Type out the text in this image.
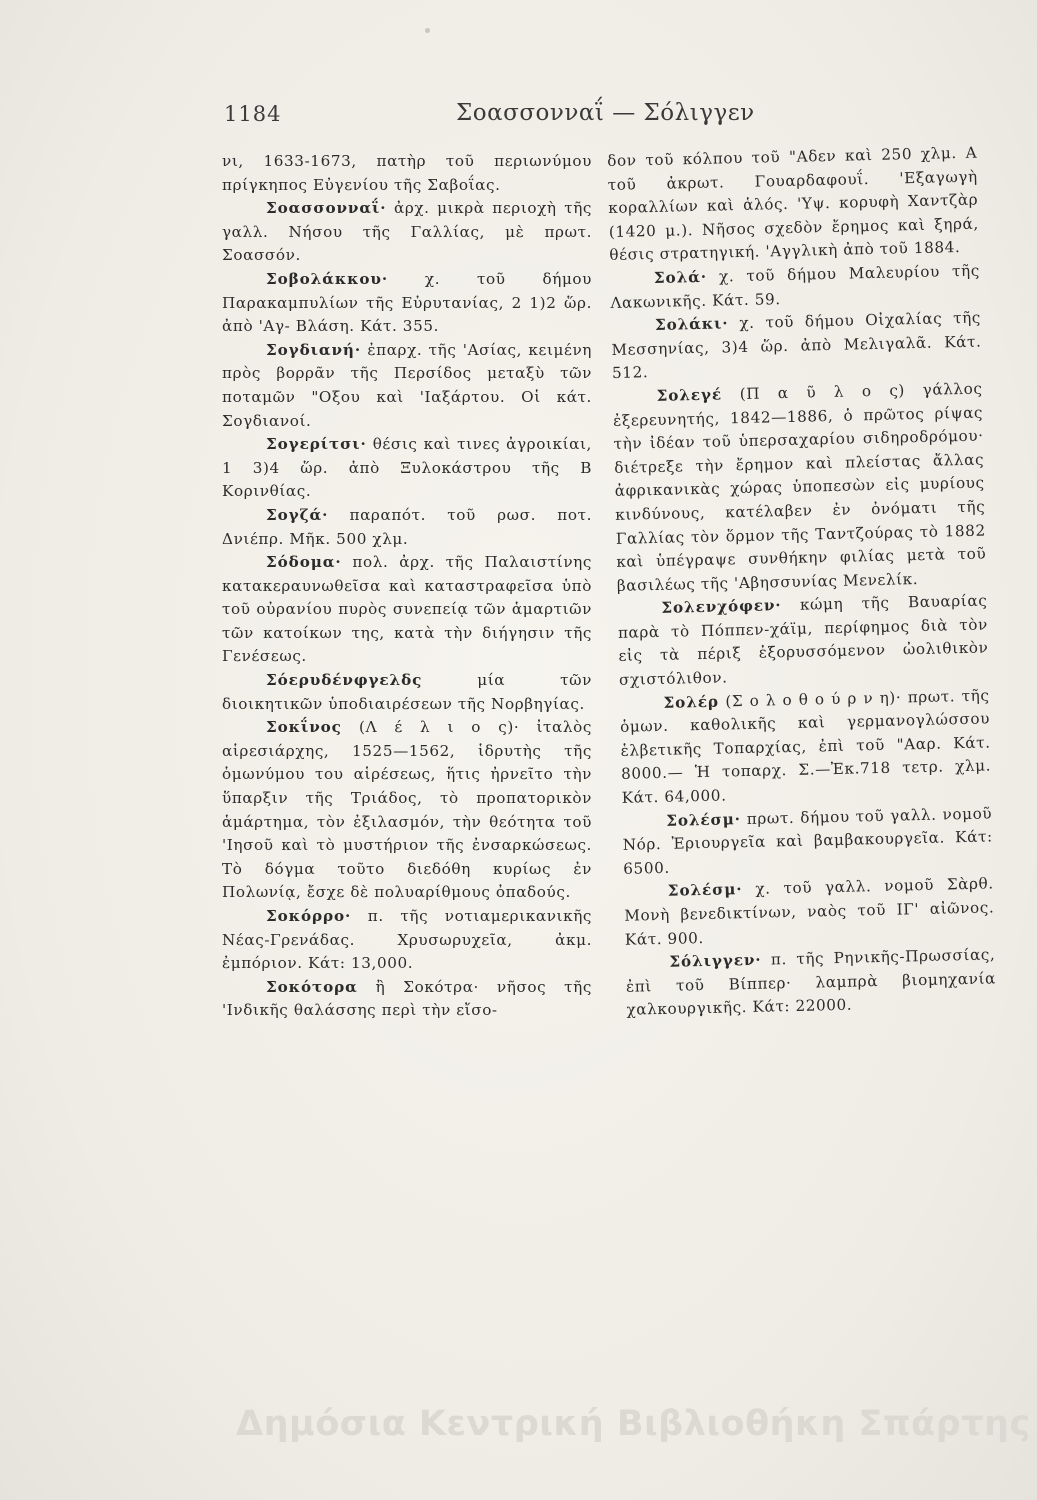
1184	Σοασσονναΐ — Σόλιγγεν

νι, 1633-1673, πατὴρ τοῦ περιωνύμου πρίγκηπος Εὐγενίου τῆς Σαβοΐας.

Σοασσονναΐ· ἀρχ. μικρὰ περιοχὴ τῆς γαλλ. Νήσου τῆς Γαλλίας, μὲ πρωτ. Σοασσόν.

Σοβολάκκου· χ. τοῦ δήμου Παρακαμπυλίων τῆς Εὐρυτανίας, 2 1)2 ὥρ. ἀπὸ 'Αγ- Βλάση. Κάτ. 355.

Σογδιανή· ἐπαρχ. τῆς 'Ασίας, κειμένη πρὸς βορρᾶν τῆς Περσίδος μεταξὺ τῶν ποταμῶν "Οξου καὶ 'Ιαξάρτου. Οἱ κάτ. Σογδιανοί.

Σογερίτσι· θέσις καὶ τινες ἀγροικίαι, 1 3)4 ὥρ. ἀπὸ Ξυλοκάστρου τῆς Β Κορινθίας.

Σογζά· παραπότ. τοῦ ρωσ. ποτ. Δνιέπρ. Μῆκ. 500 χλμ.

Σόδομα· πολ. ἀρχ. τῆς Παλαιστίνης κατακεραυνωθεῖσα καὶ καταστραφεῖσα ὑπὸ τοῦ οὐρανίου πυρὸς συνεπείᾳ τῶν ἁμαρτιῶν τῶν κατοίκων της, κατὰ τὴν διήγησιν τῆς Γενέσεως.

Σόερυδένφγελδς μία τῶν διοικητικῶν ὑποδιαιρέσεων τῆς Νορβηγίας.

Σοκΐνος (Λ έ λ ι ο ς)· ἰταλὸς αἱρεσιάρχης, 1525—1562, ἱδρυτὴς τῆς ὁμωνύμου του αἱρέσεως, ἥτις ἠρνεῖτο τὴν ὕπαρξιν τῆς Τριάδος, τὸ προπατορικὸν ἁμάρτημα, τὸν ἐξιλασμόν, τὴν θεότητα τοῦ 'Ιησοῦ καὶ τὸ μυστήριον τῆς ἐνσαρκώσεως. Τὸ δόγμα τοῦτο διεδόθη κυρίως ἐν Πολωνίᾳ, ἔσχε δὲ πολυαρίθμους ὀπαδούς.

Σοκόρρο· π. τῆς νοτιαμερικανικῆς Νέας-Γρενάδας. Χρυσωρυχεῖα, ἀκμ. ἐμπόριον. Κάτ: 13,000.

Σοκότορα ἢ Σοκότρα· νῆσος τῆς 'Ινδικῆς θαλάσσης περὶ τὴν εἴσο-

δον τοῦ κόλπου τοῦ "Αδεν καὶ 250 χλμ. Α τοῦ ἀκρωτ. Γουαρδαφουΐ. 'Εξαγωγὴ κοραλλίων καὶ ἁλός. 'Υψ. κορυφὴ Χαντζὰρ (1420 μ.). Νῆσος σχεδὸν ἔρημος καὶ ξηρά, θέσις στρατηγική. 'Αγγλικὴ ἀπὸ τοῦ 1884.

Σολά· χ. τοῦ δήμου Μαλευρίου τῆς Λακωνικῆς. Κάτ. 59.

Σολάκι· χ. τοῦ δήμου Οἰχαλίας τῆς Μεσσηνίας, 3)4 ὥρ. ἀπὸ Μελιγαλᾶ. Κάτ. 512.

Σολεγέ (Π α ῦ λ ο ς) γάλλος ἐξερευνητής, 1842—1886, ὁ πρῶτος ρίψας τὴν ἰδέαν τοῦ ὑπερσαχαρίου σιδηροδρόμου· διέτρεξε τὴν ἔρημον καὶ πλείστας ἄλλας ἀφρικανικὰς χώρας ὑποπεσὼν εἰς μυρίους κινδύνους, κατέλαβεν ἐν ὀνόματι τῆς Γαλλίας τὸν ὅρμον τῆς Ταντζούρας τὸ 1882 καὶ ὑπέγραψε συνθήκην φιλίας μετὰ τοῦ βασιλέως τῆς 'Αβησσυνίας Μενελίκ.

Σολενχόφεν· κώμη τῆς Βαυαρίας παρὰ τὸ Πόππεν-χάϊμ, περίφημος διὰ τὸν εἰς τὰ πέριξ ἐξορυσσόμενον ὠολιθικὸν σχιστόλιθον.

Σολέρ (Σ ο λ ο θ ο ύ ρ ν η)· πρωτ. τῆς ὁμων. καθολικῆς καὶ γερμανογλώσσου ἑλβετικῆς Τοπαρχίας, ἐπὶ τοῦ "Ααρ. Κάτ. 8000.— Ἡ τοπαρχ. Σ.—Ἐκ.718 τετρ. χλμ. Κάτ. 64,000.

Σολέσμ· πρωτ. δήμου τοῦ γαλλ. νομοῦ Νόρ. Ἐριουργεῖα καὶ βαμβακουργεῖα. Κάτ: 6500.

Σολέσμ· χ. τοῦ γαλλ. νομοῦ Σὰρθ. Μονὴ βενεδικτίνων, ναὸς τοῦ ΙΓ' αἰῶνος. Κάτ. 900.

Σόλιγγεν· π. τῆς Ρηνικῆς-Πρωσσίας, ἐπὶ τοῦ Βίππερ· λαμπρὰ βιομηχανία χαλκουργικῆς. Κάτ: 22000.

Δημόσια Κεντρική Βιβλιοθήκη Σπάρτης
